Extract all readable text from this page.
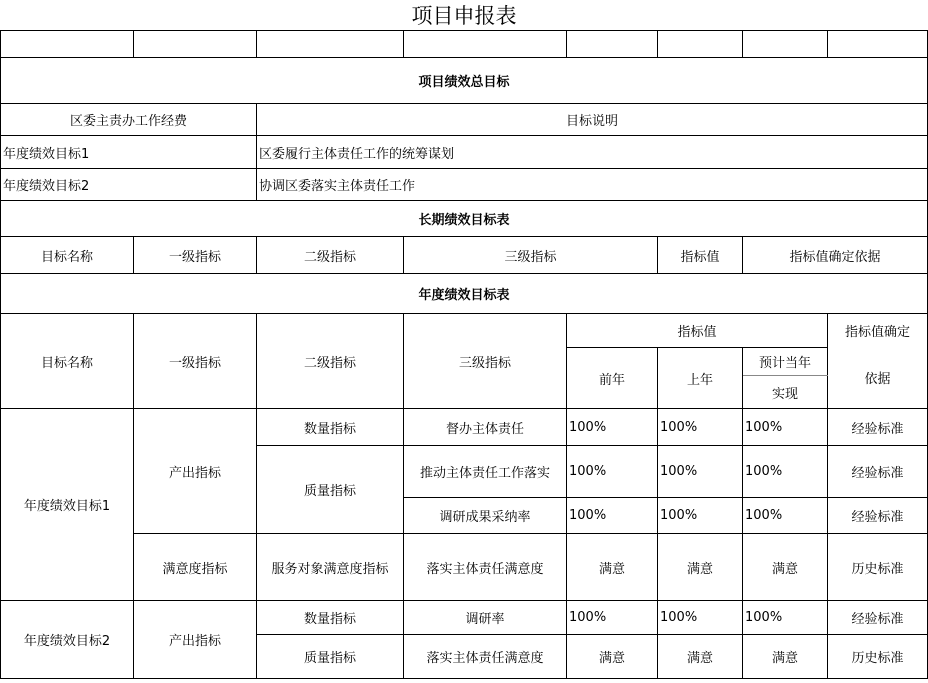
项目申报表

项目绩效总目标							
区委主责办工作经费		目标说明					
年度绩效目标1		区委履行主体责任工作的统筹谋划					
年度绩效目标2		协调区委落实主体责任工作					
长期绩效目标表							
目标名称	一级指标	二级指标	三级指标		指标值	指标值确定依据	
年度绩效目标表							
目标名称	一级指标	二级指标	三级指标	指标值			指标值确定
				前年	上年	预计当年	依据
						实现	
年度绩效目标1	产出指标	数量指标	督办主体责任	100%	100%	100%	经验标准
		质量指标	推动主体责任工作落实	100%	100%	100%	经验标准
			调研成果采纳率	100%	100%	100%	经验标准
	满意度指标	服务对象满意度指标	落实主体责任满意度	满意	满意	满意	历史标准
年度绩效目标2	产出指标	数量指标	调研率	100%	100%	100%	经验标准
		质量指标	落实主体责任满意度	满意	满意	满意	历史标准
